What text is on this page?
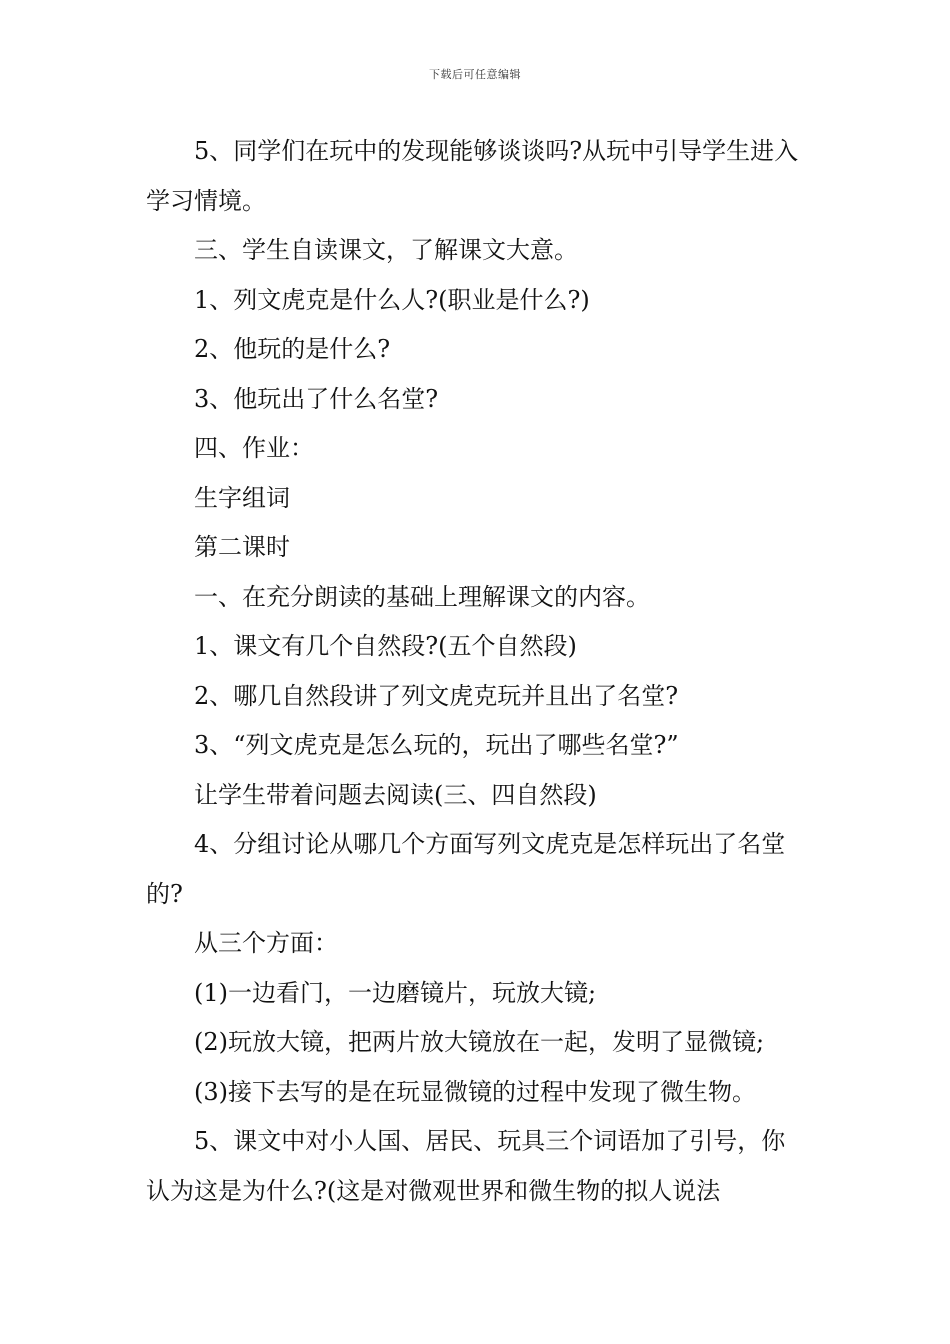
下载后可任意编辑

5、同学们在玩中的发现能够谈谈吗?从玩中引导学生进入学习情境。

三、学生自读课文，了解课文大意。

1、列文虎克是什么人?(职业是什么?)

2、他玩的是什么?

3、他玩出了什么名堂?

四、作业：

生字组词

第二课时

一、在充分朗读的基础上理解课文的内容。

1、课文有几个自然段?(五个自然段)

2、哪几自然段讲了列文虎克玩并且出了名堂?

3、“列文虎克是怎么玩的，玩出了哪些名堂?”

让学生带着问题去阅读(三、四自然段)

4、分组讨论从哪几个方面写列文虎克是怎样玩出了名堂的?

从三个方面：

(1)一边看门，一边磨镜片，玩放大镜;

(2)玩放大镜，把两片放大镜放在一起，发明了显微镜;

(3)接下去写的是在玩显微镜的过程中发现了微生物。

5、课文中对小人国、居民、玩具三个词语加了引号，你认为这是为什么?(这是对微观世界和微生物的拟人说法
